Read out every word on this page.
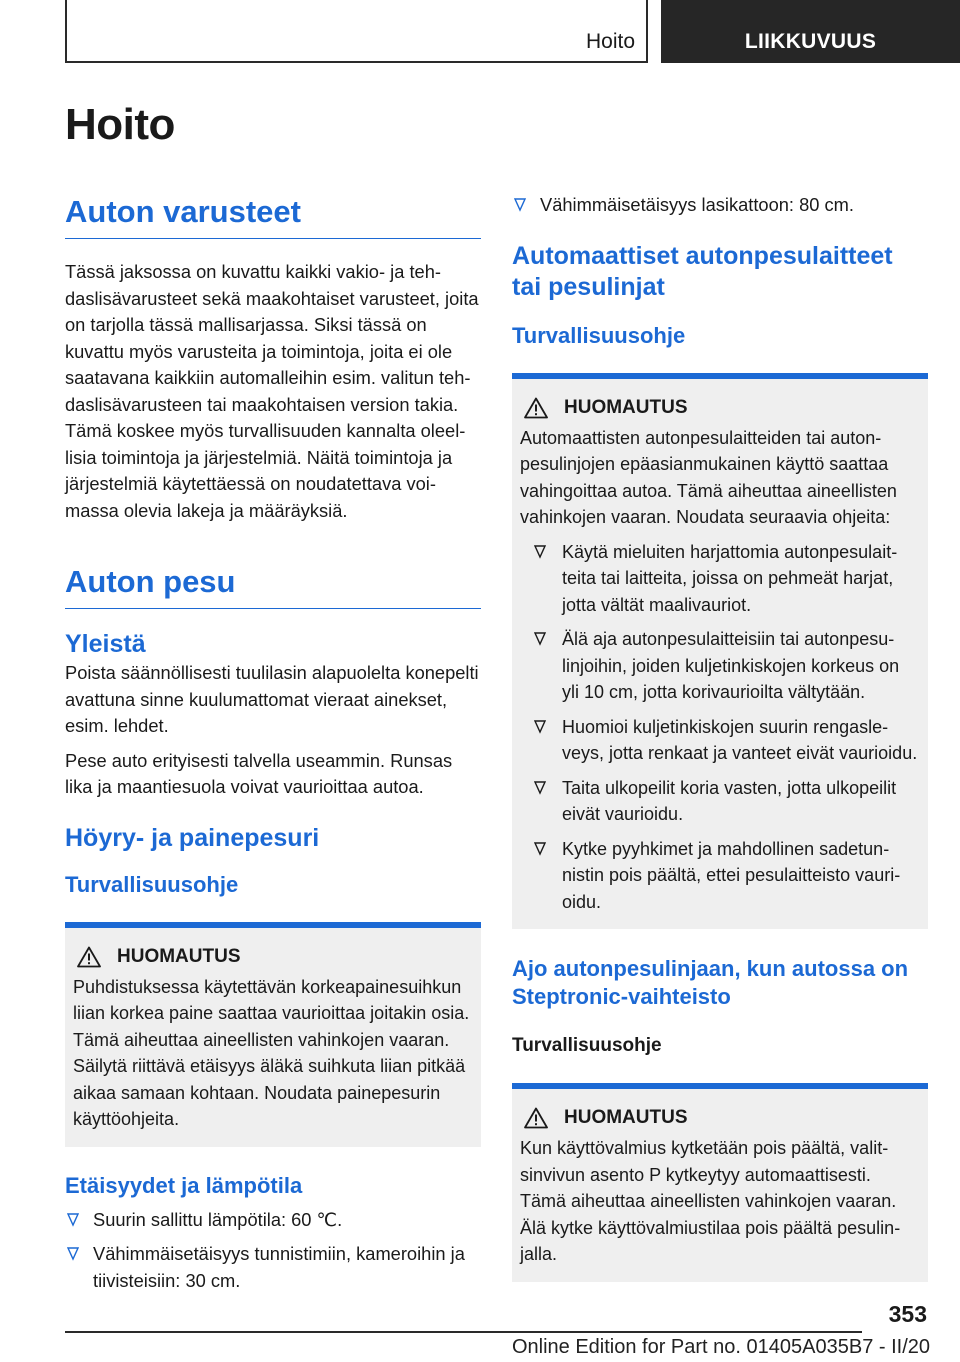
Hoito	LIIKKUVUUS
Hoito
Auton varusteet

Tässä jaksossa on kuvattu kaikki vakio- ja tehdaslisävarusteet sekä maakohtaiset varusteet, joita on tarjolla tässä mallisarjassa. Siksi tässä on kuvattu myös varusteita ja toimintoja, joita ei ole saatavana kaikkiin automalleihin esim. valitun tehdaslisävarusteen tai maakohtaisen version takia. Tämä koskee myös turvallisuuden kannalta oleellisia toimintoja ja järjestelmiä. Näitä toimintoja ja järjestelmiä käytettäessä on noudatettava voimassa olevia lakeja ja määräyksiä.

Auton pesu
Yleistä

Poista säännöllisesti tuulilasin alapuolelta konepelti avattuna sinne kuulumattomat vieraat ainekset, esim. lehdet.

Pese auto erityisesti talvella useammin. Runsas lika ja maantiesuola voivat vaurioittaa autoa.

Höyry- ja painepesuri
Turvallisuusohje
HUOMAUTUS

Puhdistuksessa käytettävän korkeapainesuihkun liian korkea paine saattaa vaurioittaa joitakin osia. Tämä aiheuttaa aineellisten vahinkojen vaaran. Säilytä riittävä etäisyys äläkä suihkuta liian pitkää aikaa samaan kohtaan. Noudata painepesurin käyttöohjeita.

Etäisyydet ja lämpötila
Suurin sallittu lämpötila: 60 ℃.
Vähimmäisetäisyys tunnistimiin, kameroihin ja tiivisteisiin: 30 cm.
Vähimmäisetäisyys lasikattoon: 80 cm.
Automaattiset autonpesulaitteet tai pesulinjat
Turvallisuusohje
HUOMAUTUS

Automaattisten autonpesulaitteiden tai autonpesulinjojen epäasianmukainen käyttö saattaa vahingoittaa autoa. Tämä aiheuttaa aineellisten vahinkojen vaaran. Noudata seuraavia ohjeita:

Käytä mieluiten harjattomia autonpesulaitteita tai laitteita, joissa on pehmeät harjat, jotta vältät maalivauriot.
Älä aja autonpesulaitteisiin tai autonpesulinjoihin, joiden kuljetinkiskojen korkeus on yli 10 cm, jotta korivaurioilta vältytään.
Huomioi kuljetinkiskojen suurin rengasleveys, jotta renkaat ja vanteet eivät vaurioidu.
Taita ulkopeilit koria vasten, jotta ulkopeilit eivät vaurioidu.
Kytke pyyhkimet ja mahdollinen sadetunnistin pois päältä, ettei pesulaitteisto vaurioidu.
Ajo autonpesulinjaan, kun autossa on Steptronic-vaihteisto
Turvallisuusohje
HUOMAUTUS

Kun käyttövalmius kytketään pois päältä, valitsinvivun asento P kytkeytyy automaattisesti. Tämä aiheuttaa aineellisten vahinkojen vaaran. Älä kytke käyttövalmiustilaa pois päältä pesulinjalla.

353
Online Edition for Part no. 01405A035B7 - II/20
